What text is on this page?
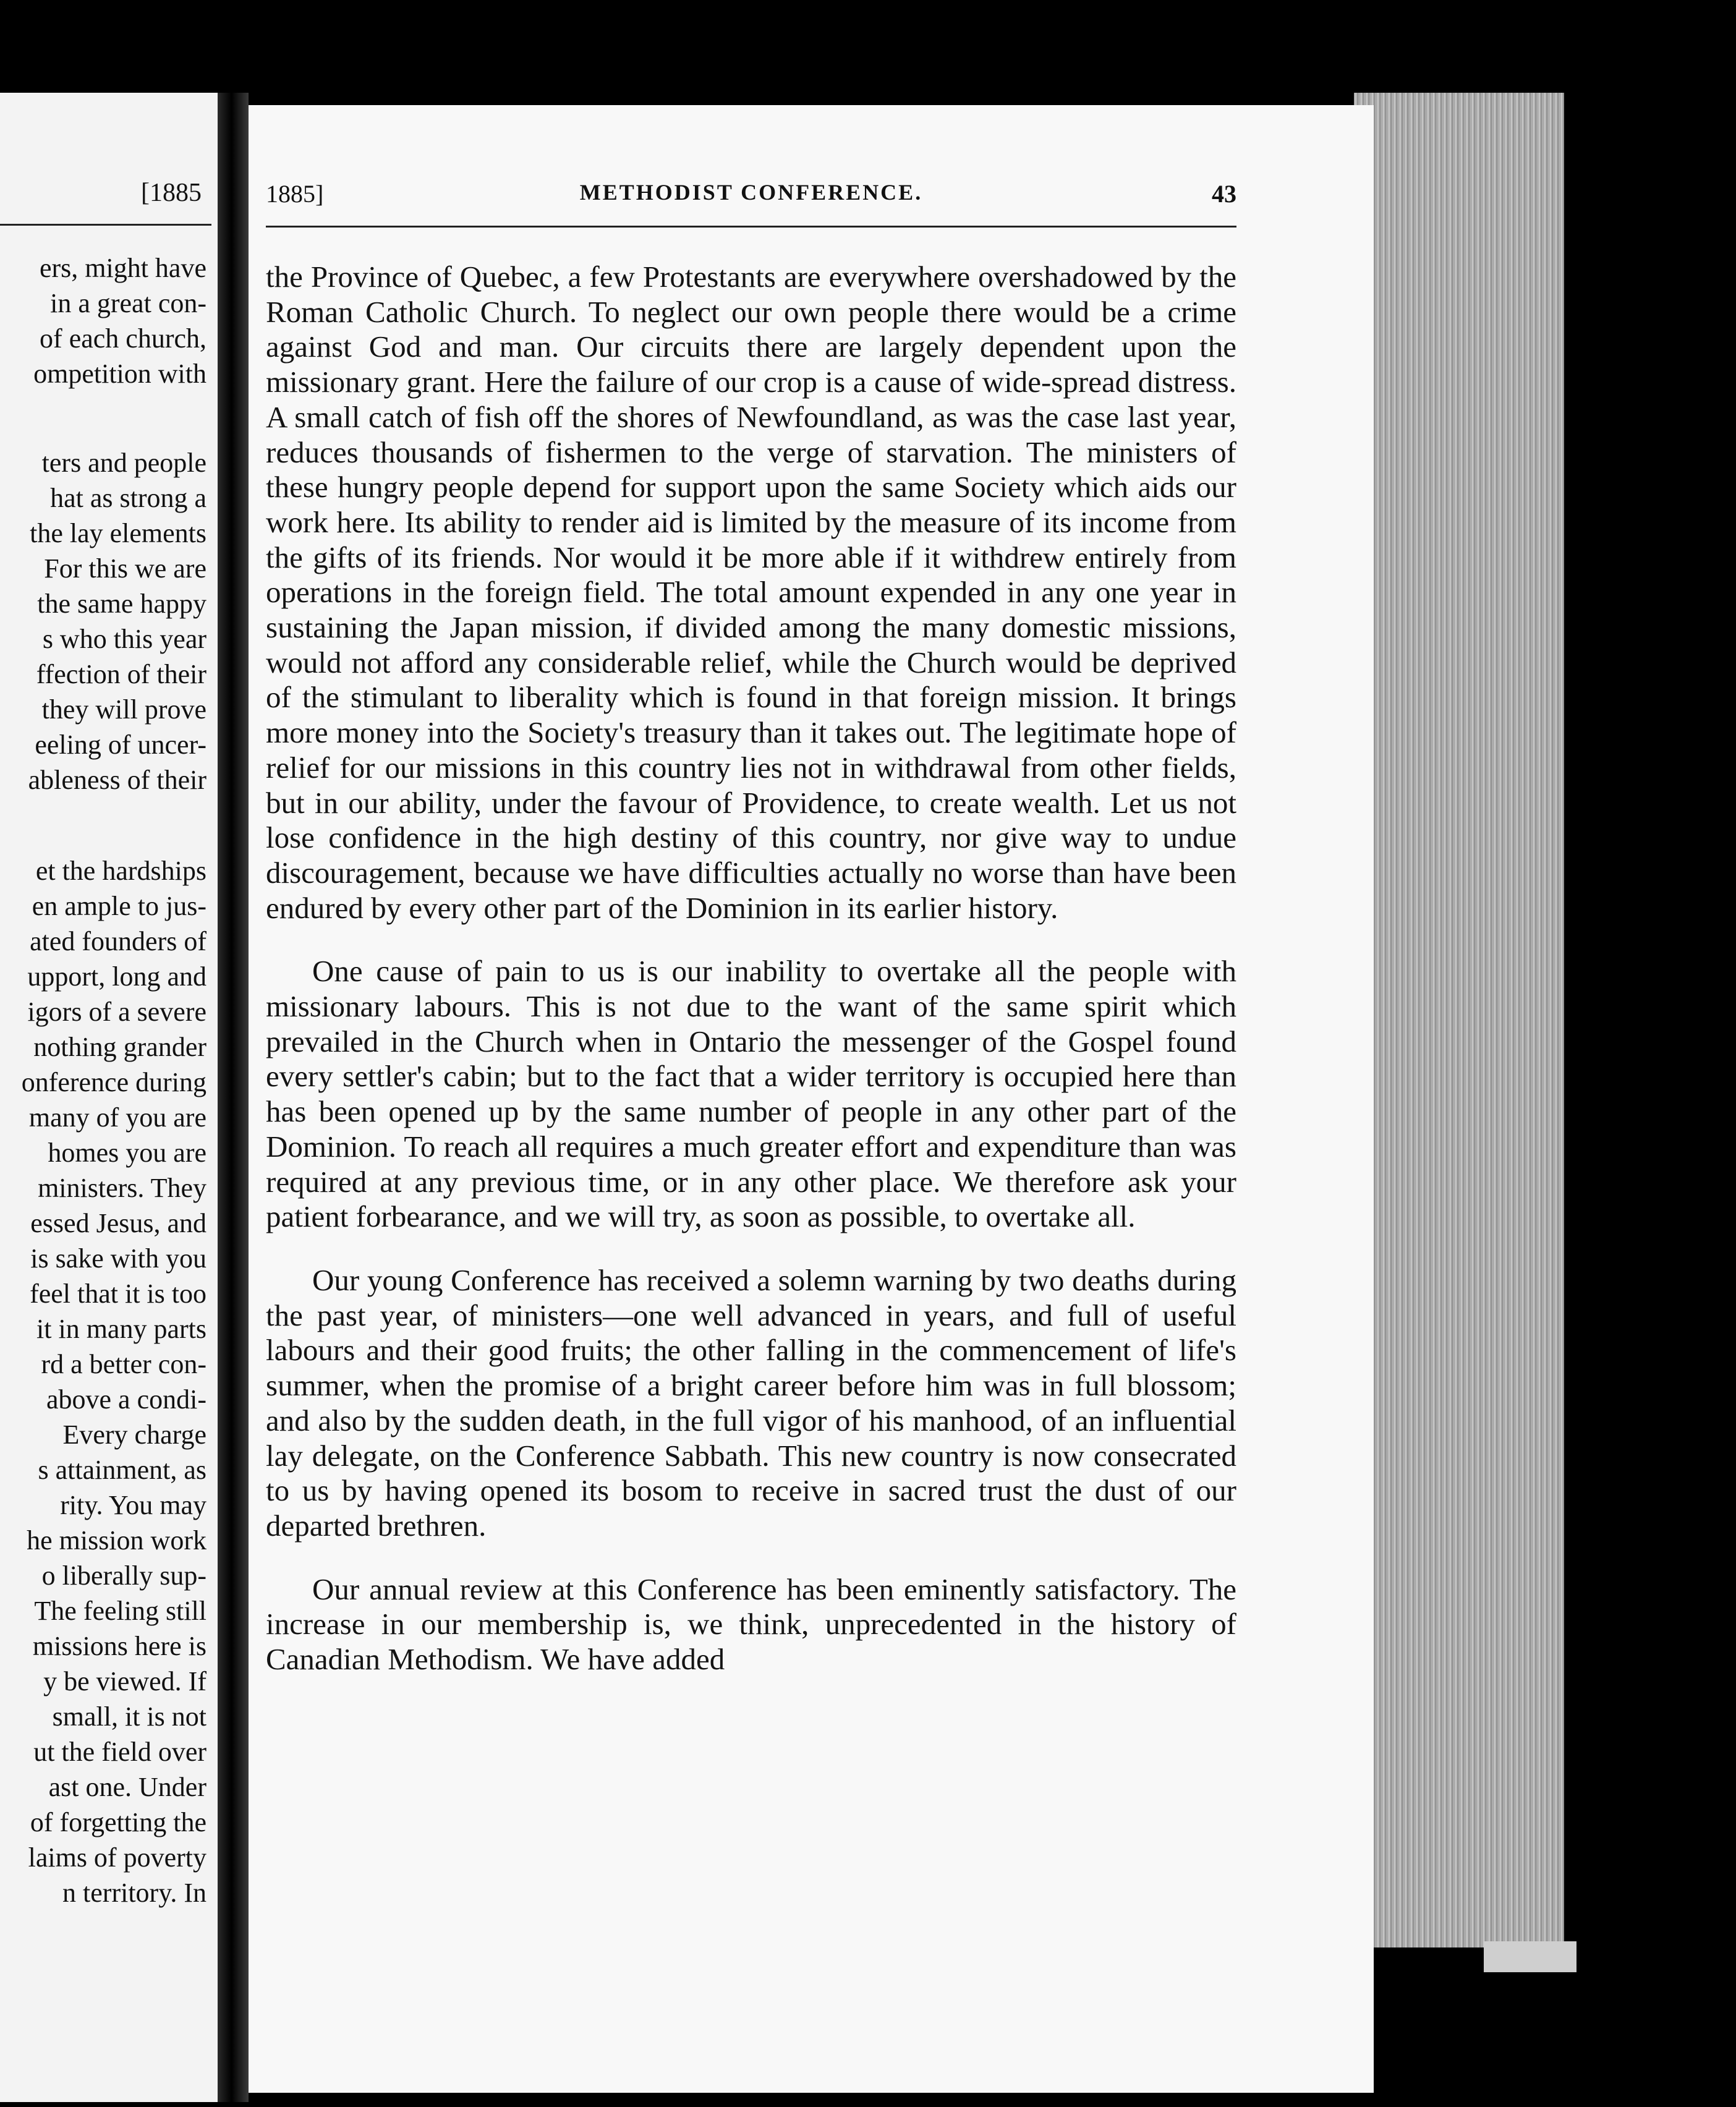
[1885
ers, might have
in a great con-
of each church,
ompetition with
ters and people
hat as strong a
the lay elements
For this we are
the same happy
s who this year
ffection of their
they will prove
eeling of uncer-
ableness of their
et the hardships
en ample to jus-
ated founders of
upport, long and
igors of a severe
nothing grander
onference during
many of you are
homes you are
ministers. They
essed Jesus, and
is sake with you
feel that it is too
it in many parts
rd a better con-
above a condi-
Every charge
s attainment, as
rity. You may
he mission work
o liberally sup-
The feeling still
missions here is
y be viewed. If
small, it is not
ut the field over
ast one. Under
of forgetting the
laims of poverty
n territory. In
1885]	METHODIST CONFERENCE.	43

the Province of Quebec, a few Protestants are everywhere overshadowed by the Roman Catholic Church. To neglect our own people there would be a crime against God and man. Our circuits there are largely dependent upon the missionary grant. Here the failure of our crop is a cause of wide-spread distress. A small catch of fish off the shores of Newfoundland, as was the case last year, reduces thousands of fishermen to the verge of starvation. The ministers of these hungry people depend for support upon the same Society which aids our work here. Its ability to render aid is limited by the measure of its income from the gifts of its friends. Nor would it be more able if it withdrew entirely from operations in the foreign field. The total amount expended in any one year in sustaining the Japan mission, if divided among the many domestic missions, would not afford any considerable relief, while the Church would be deprived of the stimulant to liberality which is found in that foreign mission. It brings more money into the Society's treasury than it takes out. The legitimate hope of relief for our missions in this country lies not in withdrawal from other fields, but in our ability, under the favour of Providence, to create wealth. Let us not lose confidence in the high destiny of this country, nor give way to undue discouragement, because we have difficulties actually no worse than have been endured by every other part of the Dominion in its earlier history.

One cause of pain to us is our inability to overtake all the people with missionary labours. This is not due to the want of the same spirit which prevailed in the Church when in Ontario the messenger of the Gospel found every settler's cabin; but to the fact that a wider territory is occupied here than has been opened up by the same number of people in any other part of the Dominion. To reach all requires a much greater effort and expenditure than was required at any previous time, or in any other place. We therefore ask your patient forbearance, and we will try, as soon as possible, to overtake all.

Our young Conference has received a solemn warning by two deaths during the past year, of ministers—one well advanced in years, and full of useful labours and their good fruits; the other falling in the commencement of life's summer, when the promise of a bright career before him was in full blossom; and also by the sudden death, in the full vigor of his manhood, of an influential lay delegate, on the Conference Sabbath. This new country is now consecrated to us by having opened its bosom to receive in sacred trust the dust of our departed brethren.

Our annual review at this Conference has been eminently satisfactory. The increase in our membership is, we think, unprecedented in the history of Canadian Methodism. We have added
